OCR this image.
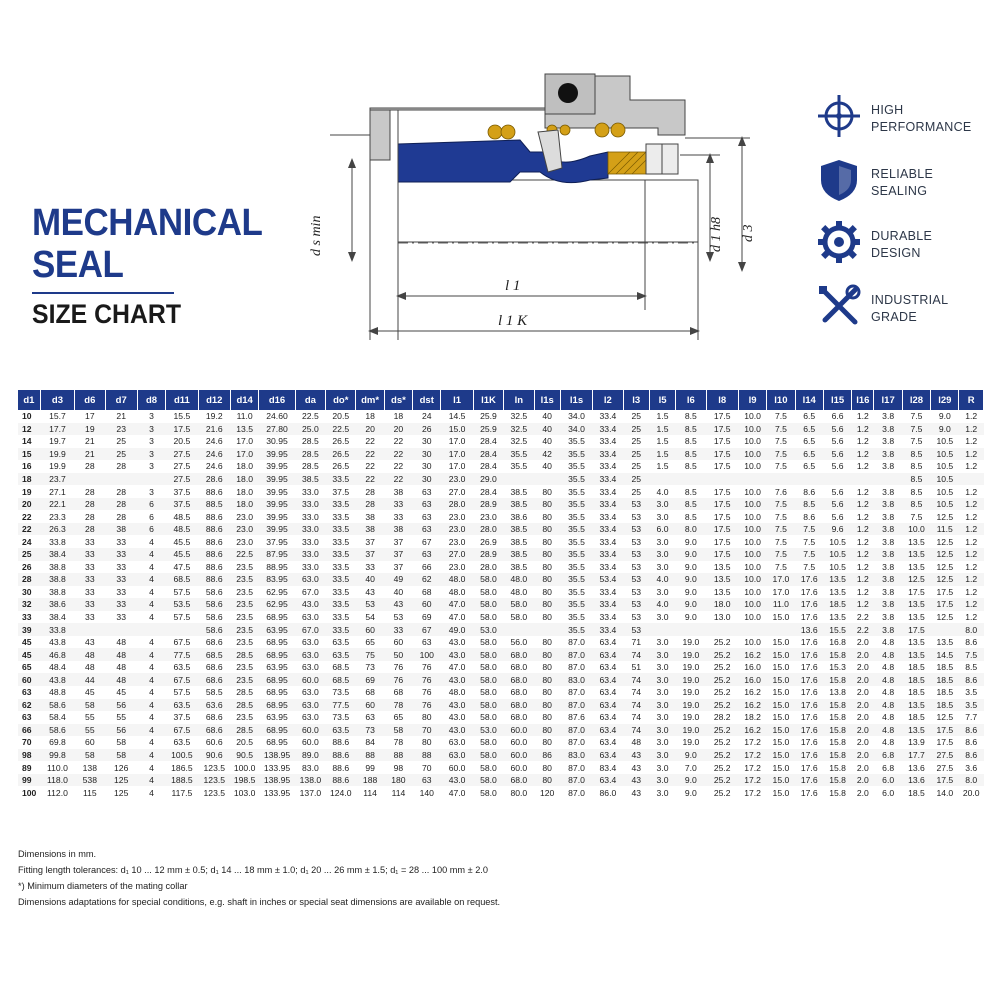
MECHANICAL
SEAL
SIZE CHART
d s min	d 1 h8 d 3
l 1
l 1 K
HIGH
PERFORMANCE
RELIABLE
SEALING
DURABLE
DESIGN
INDUSTRIAL
GRADE
d1	d3	d6	d7	d8	d11	d12	d14	d16	da	do*	dm*	ds*	dst	l1	l1K	ln	l1s	l1s	l2	l3	l5	l6	l8	l9	l10	l14	l15	l16	l17	l28	l29	R
10	15.7	17	21	3	15.5	19.2	11.0	24.60	22.5	20.5	18	18	24	14.5	25.9	32.5	40	34.0	33.4	25	1.5	8.5	17.5	10.0	7.5	6.5	6.6	1.2	3.8	7.5	9.0	1.2
12	17.7	19	23	3	17.5	21.6	13.5	27.80	25.0	22.5	20	20	26	15.0	25.9	32.5	40	34.0	33.4	25	1.5	8.5	17.5	10.0	7.5	6.5	5.6	1.2	3.8	7.5	9.0	1.2
14	19.7	21	25	3	20.5	24.6	17.0	30.95	28.5	26.5	22	22	30	17.0	28.4	32.5	40	35.5	33.4	25	1.5	8.5	17.5	10.0	7.5	6.5	5.6	1.2	3.8	7.5	10.5	1.2
15	19.9	21	25	3	27.5	24.6	17.0	39.95	28.5	26.5	22	22	30	17.0	28.4	35.5	42	35.5	33.4	25	1.5	8.5	17.5	10.0	7.5	6.5	5.6	1.2	3.8	8.5	10.5	1.2
16	19.9	28	28	3	27.5	24.6	18.0	39.95	28.5	26.5	22	22	30	17.0	28.4	35.5	40	35.5	33.4	25	1.5	8.5	17.5	10.0	7.5	6.5	5.6	1.2	3.8	8.5	10.5	1.2
18	23.7				27.5	28.6	18.0	39.95	38.5	33.5	22	22	30	23.0	29.0			35.5	33.4	25										8.5	10.5	
19	27.1	28	28	3	37.5	88.6	18.0	39.95	33.0	37.5	28	38	63	27.0	28.4	38.5	80	35.5	33.4	25	4.0	8.5	17.5	10.0	7.6	8.6	5.6	1.2	3.8	8.5	10.5	1.2
20	22.1	28	28	6	37.5	88.5	18.0	39.95	33.0	33.5	28	33	63	28.0	28.9	38.5	80	35.5	33.4	53	3.0	8.5	17.5	10.0	7.5	8.5	5.6	1.2	3.8	8.5	10.5	1.2
22	23.3	28	28	6	48.5	88.6	23.0	39.95	33.0	33.5	38	33	63	23.0	23.0	38.6	80	35.5	33.4	53	3.0	8.5	17.5	10.0	7.5	8.6	5.6	1.2	3.8	7.5	12.5	1.2
22	26.3	28	38	6	48.5	88.6	23.0	39.95	33.0	33.5	38	38	63	23.0	28.0	38.5	80	35.5	33.4	53	6.0	8.0	17.5	10.0	7.5	7.5	9.6	1.2	3.8	10.0	11.5	1.2
24	33.8	33	33	4	45.5	88.6	23.0	37.95	33.0	33.5	37	37	67	23.0	26.9	38.5	80	35.5	33.4	53	3.0	9.0	17.5	10.0	7.5	7.5	10.5	1.2	3.8	13.5	12.5	1.2
25	38.4	33	33	4	45.5	88.6	22.5	87.95	33.0	33.5	37	37	63	27.0	28.9	38.5	80	35.5	33.4	53	3.0	9.0	17.5	10.0	7.5	7.5	10.5	1.2	3.8	13.5	12.5	1.2
26	38.8	33	33	4	47.5	88.6	23.5	88.95	33.0	33.5	33	37	66	23.0	28.0	38.5	80	35.5	33.4	53	3.0	9.0	13.5	10.0	7.5	7.5	10.5	1.2	3.8	13.5	12.5	1.2
28	38.8	33	33	4	68.5	88.6	23.5	83.95	63.0	33.5	40	49	62	48.0	58.0	48.0	80	35.5	53.4	53	4.0	9.0	13.5	10.0	17.0	17.6	13.5	1.2	3.8	12.5	12.5	1.2
30	38.8	33	33	4	57.5	58.6	23.5	62.95	67.0	33.5	43	40	68	48.0	58.0	48.0	80	35.5	33.4	53	3.0	9.0	13.5	10.0	17.0	17.6	13.5	1.2	3.8	17.5	17.5	1.2
32	38.6	33	33	4	53.5	58.6	23.5	62.95	43.0	33.5	53	43	60	47.0	58.0	58.0	80	35.5	33.4	53	4.0	9.0	18.0	10.0	11.0	17.6	18.5	1.2	3.8	13.5	17.5	1.2
33	38.4	33	33	4	57.5	58.6	23.5	68.95	63.0	33.5	54	53	69	47.0	58.0	58.0	80	35.5	33.4	53	3.0	9.0	13.0	10.0	15.0	17.6	13.5	2.2	3.8	13.5	12.5	1.2
39	33.8					58.6	23.5	63.95	67.0	33.5	60	33	67	49.0	53.0			35.5	33.4	53						13.6	15.5	2.2	3.8	17.5		8.0
45	43.8	43	48	4	67.5	68.6	23.5	68.95	63.0	63.5	65	60	63	43.0	58.0	56.0	80	87.0	63.4	71	3.0	19.0	25.2	10.0	15.0	17.6	16.8	2.0	4.8	13.5	13.5	8.6
45	46.8	48	48	4	77.5	68.5	28.5	68.95	63.0	63.5	75	50	100	43.0	58.0	68.0	80	87.0	63.4	74	3.0	19.0	25.2	16.2	15.0	17.6	15.8	2.0	4.8	13.5	14.5	7.5
65	48.4	48	48	4	63.5	68.6	23.5	63.95	63.0	68.5	73	76	76	47.0	58.0	68.0	80	87.0	63.4	51	3.0	19.0	25.2	16.0	15.0	17.6	15.3	2.0	4.8	18.5	18.5	8.5
60	43.8	44	48	4	67.5	68.6	23.5	68.95	60.0	68.5	69	76	76	43.0	58.0	68.0	80	83.0	63.4	74	3.0	19.0	25.2	16.0	15.0	17.6	15.8	2.0	4.8	18.5	18.5	8.6
63	48.8	45	45	4	57.5	58.5	28.5	68.95	63.0	73.5	68	68	76	48.0	58.0	68.0	80	87.0	63.4	74	3.0	19.0	25.2	16.2	15.0	17.6	13.8	2.0	4.8	18.5	18.5	3.5
62	58.6	58	56	4	63.5	63.6	28.5	68.95	63.0	77.5	60	78	76	43.0	58.0	68.0	80	87.0	63.4	74	3.0	19.0	25.2	16.2	15.0	17.6	15.8	2.0	4.8	13.5	18.5	3.5
63	58.4	55	55	4	37.5	68.6	23.5	63.95	63.0	73.5	63	65	80	43.0	58.0	68.0	80	87.6	63.4	74	3.0	19.0	28.2	18.2	15.0	17.6	15.8	2.0	4.8	18.5	12.5	7.7
66	58.6	55	56	4	67.5	68.6	28.5	68.95	60.0	63.5	73	58	70	43.0	53.0	60.0	80	87.0	63.4	74	3.0	19.0	25.2	16.2	15.0	17.6	15.8	2.0	4.8	13.5	17.5	8.6
70	69.8	60	58	4	63.5	60.6	20.5	68.95	60.0	88.6	84	78	80	63.0	58.0	60.0	80	87.0	63.4	48	3.0	19.0	25.2	17.2	15.0	17.6	15.8	2.0	4.8	13.9	17.5	8.6
98	99.8	58	58	4	100.5	90.6	90.5	138.95	89.0	88.6	88	88	88	63.0	58.0	60.0	86	83.0	63.4	43	3.0	9.0	25.2	17.2	15.0	17.6	15.8	2.0	6.8	17.7	27.5	8.6
89	110.0	138	126	4	186.5	123.5	100.0	133.95	83.0	88.6	99	98	70	60.0	58.0	60.0	80	87.0	83.4	43	3.0	7.0	25.2	17.2	15.0	17.6	15.8	2.0	6.8	13.6	27.5	3.6
99	118.0	538	125	4	188.5	123.5	198.5	138.95	138.0	88.6	188	180	63	43.0	58.0	68.0	80	87.0	63.4	43	3.0	9.0	25.2	17.2	15.0	17.6	15.8	2.0	6.0	13.6	17.5	8.0
100	112.0	115	125	4	117.5	123.5	103.0	133.95	137.0	124.0	114	114	140	47.0	58.0	80.0	120	87.0	86.0	43	3.0	9.0	25.2	17.2	15.0	17.6	15.8	2.0	6.0	18.5	14.0	20.0
Dimensions in mm.
Fitting length tolerances: d₁ 10 ... 12 mm ± 0.5; d₁ 14 ... 18 mm ± 1.0; d₁ 20 ... 26 mm ± 1.5; d₁ = 28 ... 100 mm ± 2.0
*) Minimum diameters of the mating collar
Dimensions adaptations for special conditions, e.g. shaft in inches or special seat dimensions are available on request.
